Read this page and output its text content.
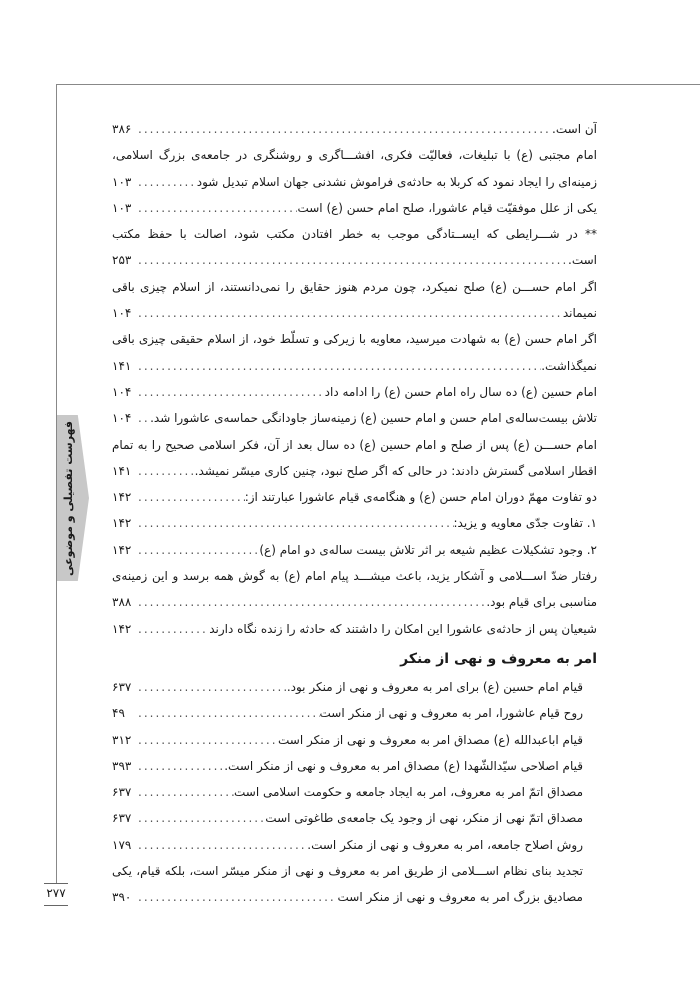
فهرست تفصیلی و موضوعی
۲۷۷
آن است.
.....
۳۸۶
امام مجتبی (ع) با تبلیغات، فعالیّت فکری، افشـــاگری و روشنگری در جامعه‌ی بزرگ اسلامی،
زمینه‌ای را ایجاد نمود که کربلا به حادثه‌ی فراموش نشدنی جهان اسلام تبدیل شود
.....
۱۰۳
یکی از علل موفقیّت قیام عاشورا، صلح امام حسن (ع) است
.....
۱۰۳
** در شـــرایطی که ایســتادگی موجب به خطر افتادن مکتب شود، اصالت با حفظ مکتب
است.
.....
۲۵۳
اگر امام حســـن (ع) صلح نمیکرد، چون مردم هنوز حقایق را نمی‌دانستند، از اسلام چیزی باقی
نمیماند
.....
۱۰۴
اگر امام حسن (ع) به شهادت میرسید، معاویه با زیرکی و تسلّط خود، از اسلام حقیقی چیزی باقی
نمیگذاشت.
.....
۱۴۱
امام حسین (ع) ده سال راه امام حسن (ع) را ادامه داد
.....
۱۰۴
تلاش بیست‌ساله‌ی امام حسن و امام حسین (ع) زمینه‌ساز جاودانگی حماسه‌ی عاشورا شد.
.....
۱۰۴
امام حســـن (ع) پس از صلح و امام حسین (ع) ده سال بعد از آن، فکر اسلامی صحیح را به تمام
اقطار اسلامی گسترش دادند: در حالی که اگر صلح نبود، چنین کاری میسّر نمیشد.
.....
۱۴۱
دو تفاوت مهمّ دوران امام حسن (ع) و هنگامه‌ی قیام عاشورا عبارتند از:
.....
۱۴۲
۱. تفاوت جدّی معاویه و یزید:
.....
۱۴۲
۲. وجود تشکیلات عظیم شیعه بر اثر تلاش بیست ساله‌ی دو امام (ع)
.....
۱۴۲
رفتار ضدّ اســـلامی و آشکار یزید، باعث میشـــد پیام امام (ع) به گوش همه برسد و این زمینه‌ی
مناسبی برای قیام بود.
.....
۳۸۸
شیعیان پس از حادثه‌ی عاشورا این امکان را داشتند که حادثه را زنده نگاه دارند
.....
۱۴۲
امر به معروف و نهی از منکر
قیام امام حسین (ع) برای امر به معروف و نهی از منکر بود.
.....
۶۳۷
روح قیام عاشورا، امر به معروف و نهی از منکر است
.....
۴۹
قیام اباعبدالله (ع) مصداق امر به معروف و نهی از منکر است
.....
۳۱۲
قیام اصلاحی سیّدالشّهدا (ع) مصداق امر به معروف و نهی از منکر است.
.....
۳۹۳
مصداق اتمّ امر به معروف، امر به ایجاد جامعه و حکومت اسلامی است
.....
۶۳۷
مصداق اتمّ نهی از منکر، نهی از وجود یک جامعه‌ی طاغوتی است
.....
۶۳۷
روش اصلاح جامعه، امر به معروف و نهی از منکر است.
.....
۱۷۹
تجدید بنای نظام اســـلامی از طریق امر به معروف و نهی از منکر میسّر است، بلکه قیام، یکی
مصادیق بزرگ امر به معروف و نهی از منکر است
.....
۳۹۰
